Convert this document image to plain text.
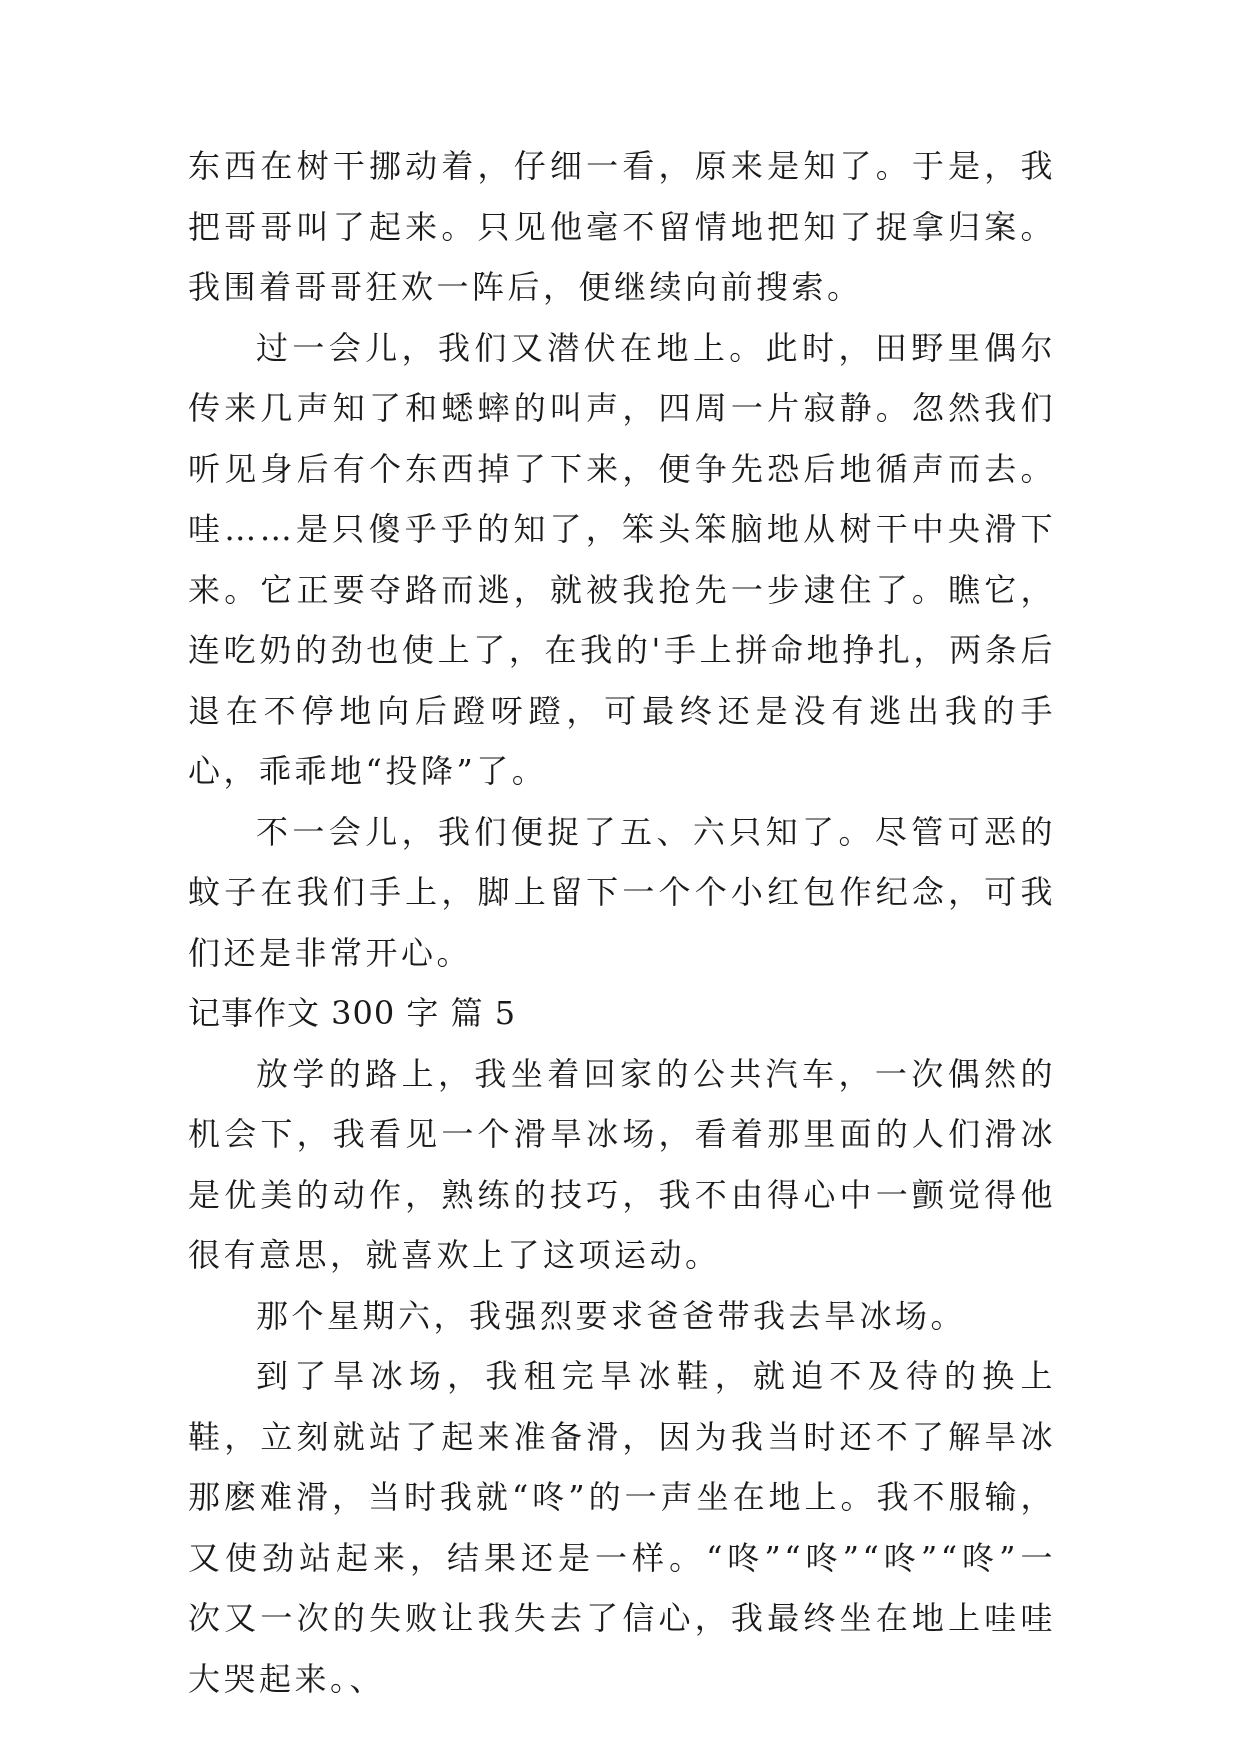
东西在树干挪动着，仔细一看，原来是知了。于是，我把哥哥叫了起来。只见他毫不留情地把知了捉拿归案。我围着哥哥狂欢一阵后，便继续向前搜索。

过一会儿，我们又潜伏在地上。此时，田野里偶尔传来几声知了和蟋蟀的叫声，四周一片寂静。忽然我们听见身后有个东西掉了下来，便争先恐后地循声而去。哇……是只傻乎乎的知了，笨头笨脑地从树干中央滑下来。它正要夺路而逃，就被我抢先一步逮住了。瞧它，连吃奶的劲也使上了，在我的'手上拼命地挣扎，两条后退在不停地向后蹬呀蹬，可最终还是没有逃出我的手心，乖乖地“投降”了。

不一会儿，我们便捉了五、六只知了。尽管可恶的蚊子在我们手上，脚上留下一个个小红包作纪念，可我们还是非常开心。

记事作文 300 字 篇 5

放学的路上，我坐着回家的公共汽车，一次偶然的机会下，我看见一个滑旱冰场，看着那里面的人们滑冰是优美的动作，熟练的技巧，我不由得心中一颤觉得他很有意思，就喜欢上了这项运动。

那个星期六，我强烈要求爸爸带我去旱冰场。

到了旱冰场，我租完旱冰鞋，就迫不及待的换上鞋，立刻就站了起来准备滑，因为我当时还不了解旱冰那麽难滑，当时我就“咚”的一声坐在地上。我不服输，又使劲站起来，结果还是一样。“咚”“咚”“咚”“咚”一次又一次的失败让我失去了信心，我最终坐在地上哇哇大哭起来。、
